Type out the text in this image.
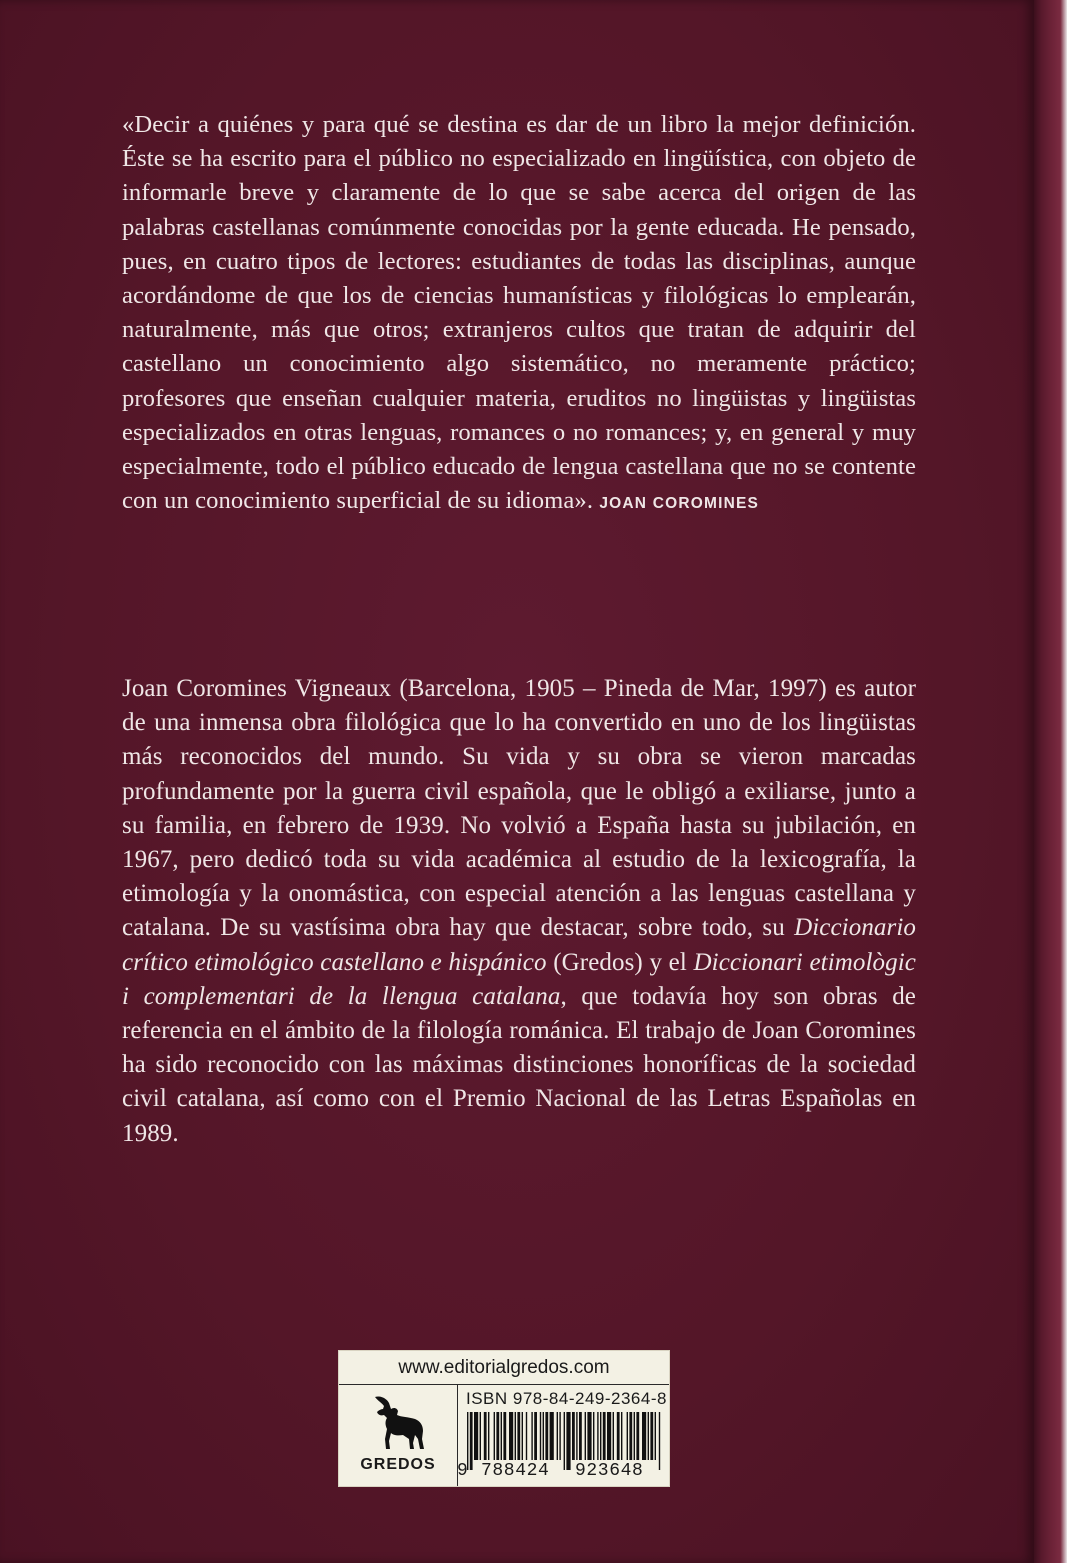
«Decir a quiénes y para qué se destina es dar de un libro la mejor definición. Éste se ha escrito para el público no especializado en lingüística, con objeto de informarle breve y claramente de lo que se sabe acerca del origen de las palabras castellanas comúnmente conocidas por la gente educada. He pensado, pues, en cuatro tipos de lectores: estudiantes de todas las disciplinas, aunque acordándome de que los de ciencias humanísticas y filológicas lo emplearán, naturalmente, más que otros; extranjeros cultos que tratan de adquirir del castellano un conocimiento algo sistemático, no meramente práctico; profesores que enseñan cualquier materia, eruditos no lingüistas y lingüistas especializados en otras lenguas, romances o no romances; y, en general y muy especialmente, todo el público educado de lengua castellana que no se contente con un conocimiento superficial de su idioma». JOAN COROMINES
Joan Coromines Vigneaux (Barcelona, 1905 – Pineda de Mar, 1997) es autor de una inmensa obra filológica que lo ha convertido en uno de los lingüistas más reconocidos del mundo. Su vida y su obra se vieron marcadas profundamente por la guerra civil española, que le obligó a exiliarse, junto a su familia, en febrero de 1939. No volvió a España hasta su jubilación, en 1967, pero dedicó toda su vida académica al estudio de la lexicografía, la etimología y la onomástica, con especial atención a las lenguas castellana y catalana. De su vastísima obra hay que destacar, sobre todo, su Diccionario crítico etimológico castellano e hispánico (Gredos) y el Diccionari etimològic i complementari de la llengua catalana, que todavía hoy son obras de referencia en el ámbito de la filología románica. El trabajo de Joan Coromines ha sido reconocido con las máximas distinciones honoríficas de la sociedad civil catalana, así como con el Premio Nacional de las Letras Españolas en 1989.
www.editorialgredos.com
GREDOS
ISBN 978-84-249-2364-8
9 788424 923648
